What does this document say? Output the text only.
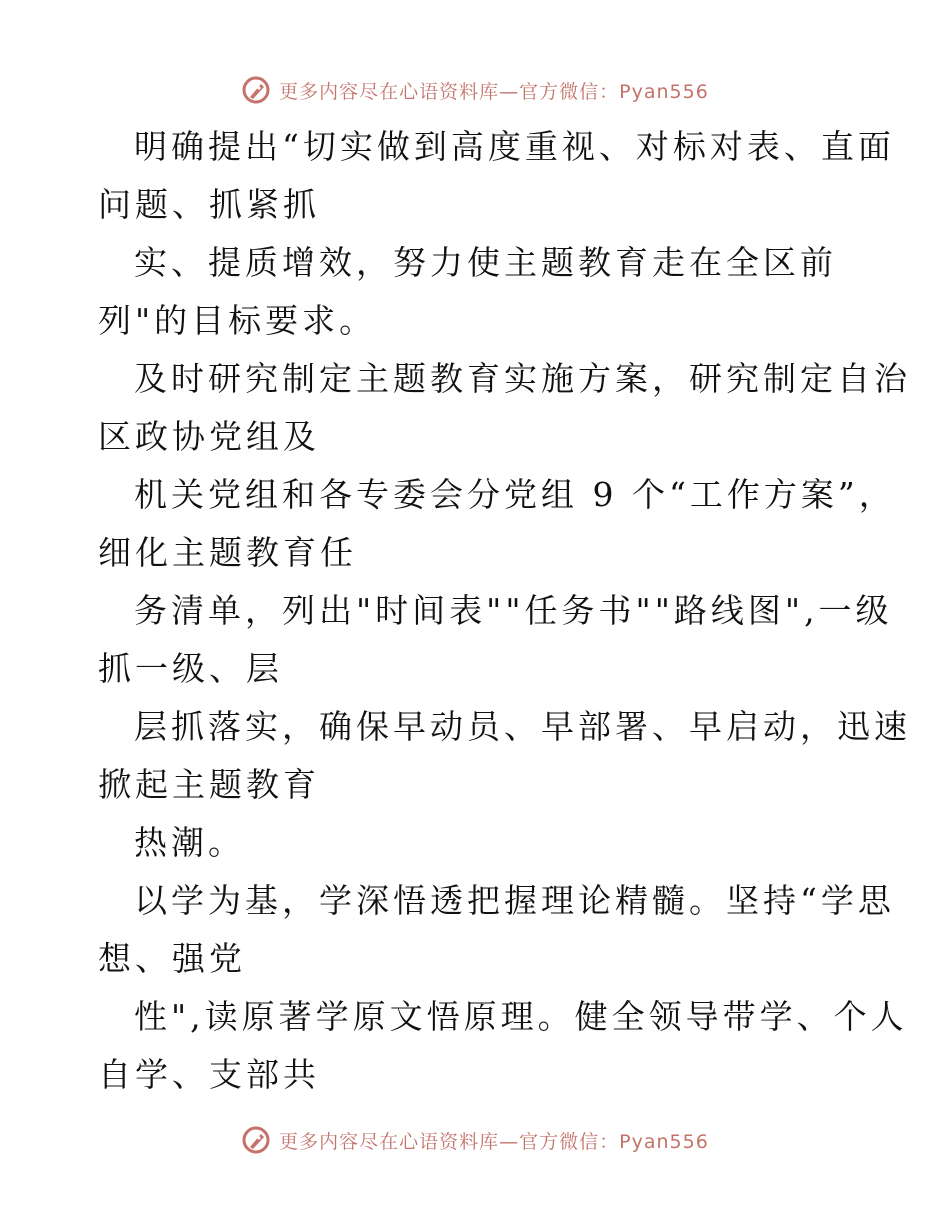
更多内容尽在心语资料库—官方微信：Pyan556
明确提出“切实做到高度重视、对标对表、直面
问题、抓紧抓
实、提质增效，努力使主题教育走在全区前
列"的目标要求。
及时研究制定主题教育实施方案，研究制定自治
区政协党组及
机关党组和各专委会分党组 9 个“工作方案”，
细化主题教育任
务清单，列出"时间表""任务书""路线图",一级
抓一级、层
层抓落实，确保早动员、早部署、早启动，迅速
掀起主题教育
热潮。
以学为基，学深悟透把握理论精髓。坚持“学思
想、强党
性",读原著学原文悟原理。健全领导带学、个人
自学、支部共
更多内容尽在心语资料库—官方微信：Pyan556
